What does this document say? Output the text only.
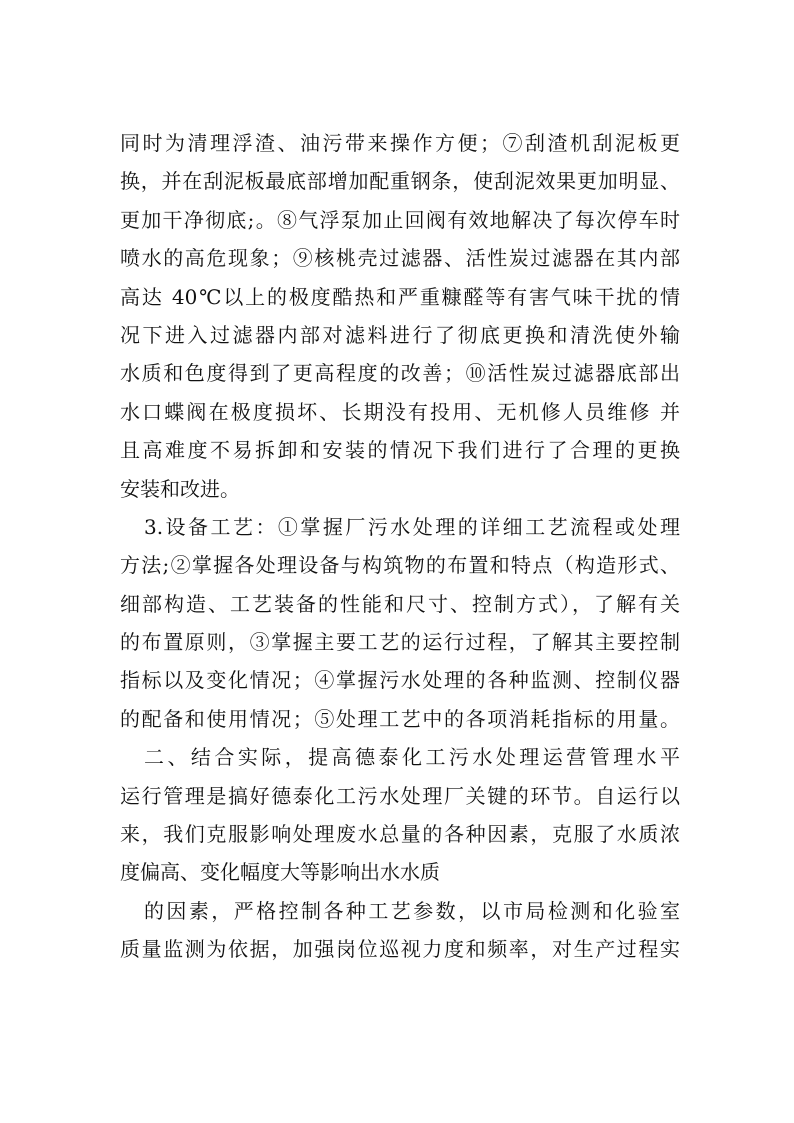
同时为清理浮渣、油污带来操作方便；⑦刮渣机刮泥板更
换，并在刮泥板最底部增加配重钢条，使刮泥效果更加明显、
更加干净彻底;。⑧气浮泵加止回阀有效地解决了每次停车时
喷水的高危现象；⑨核桃壳过滤器、活性炭过滤器在其内部
高达 40℃以上的极度酷热和严重糠醛等有害气味干扰的情
况下进入过滤器内部对滤料进行了彻底更换和清洗使外输
水质和色度得到了更高程度的改善；⑩活性炭过滤器底部出
水口蝶阀在极度损坏、长期没有投用、无机修人员维修 并
且高难度不易拆卸和安装的情况下我们进行了合理的更换
安装和改进。
3.设备工艺：①掌握厂污水处理的详细工艺流程或处理
方法;②掌握各处理设备与构筑物的布置和特点（构造形式、
细部构造、工艺装备的性能和尺寸、控制方式），了解有关
的布置原则，③掌握主要工艺的运行过程，了解其主要控制
指标以及变化情况；④掌握污水处理的各种监测、控制仪器
的配备和使用情况；⑤处理工艺中的各项消耗指标的用量。
二、结合实际，提高德泰化工污水处理运营管理水平
运行管理是搞好德泰化工污水处理厂关键的环节。自运行以
来，我们克服影响处理废水总量的各种因素，克服了水质浓
度偏高、变化幅度大等影响出水水质
的因素，严格控制各种工艺参数，以市局检测和化验室
质量监测为依据，加强岗位巡视力度和频率，对生产过程实
